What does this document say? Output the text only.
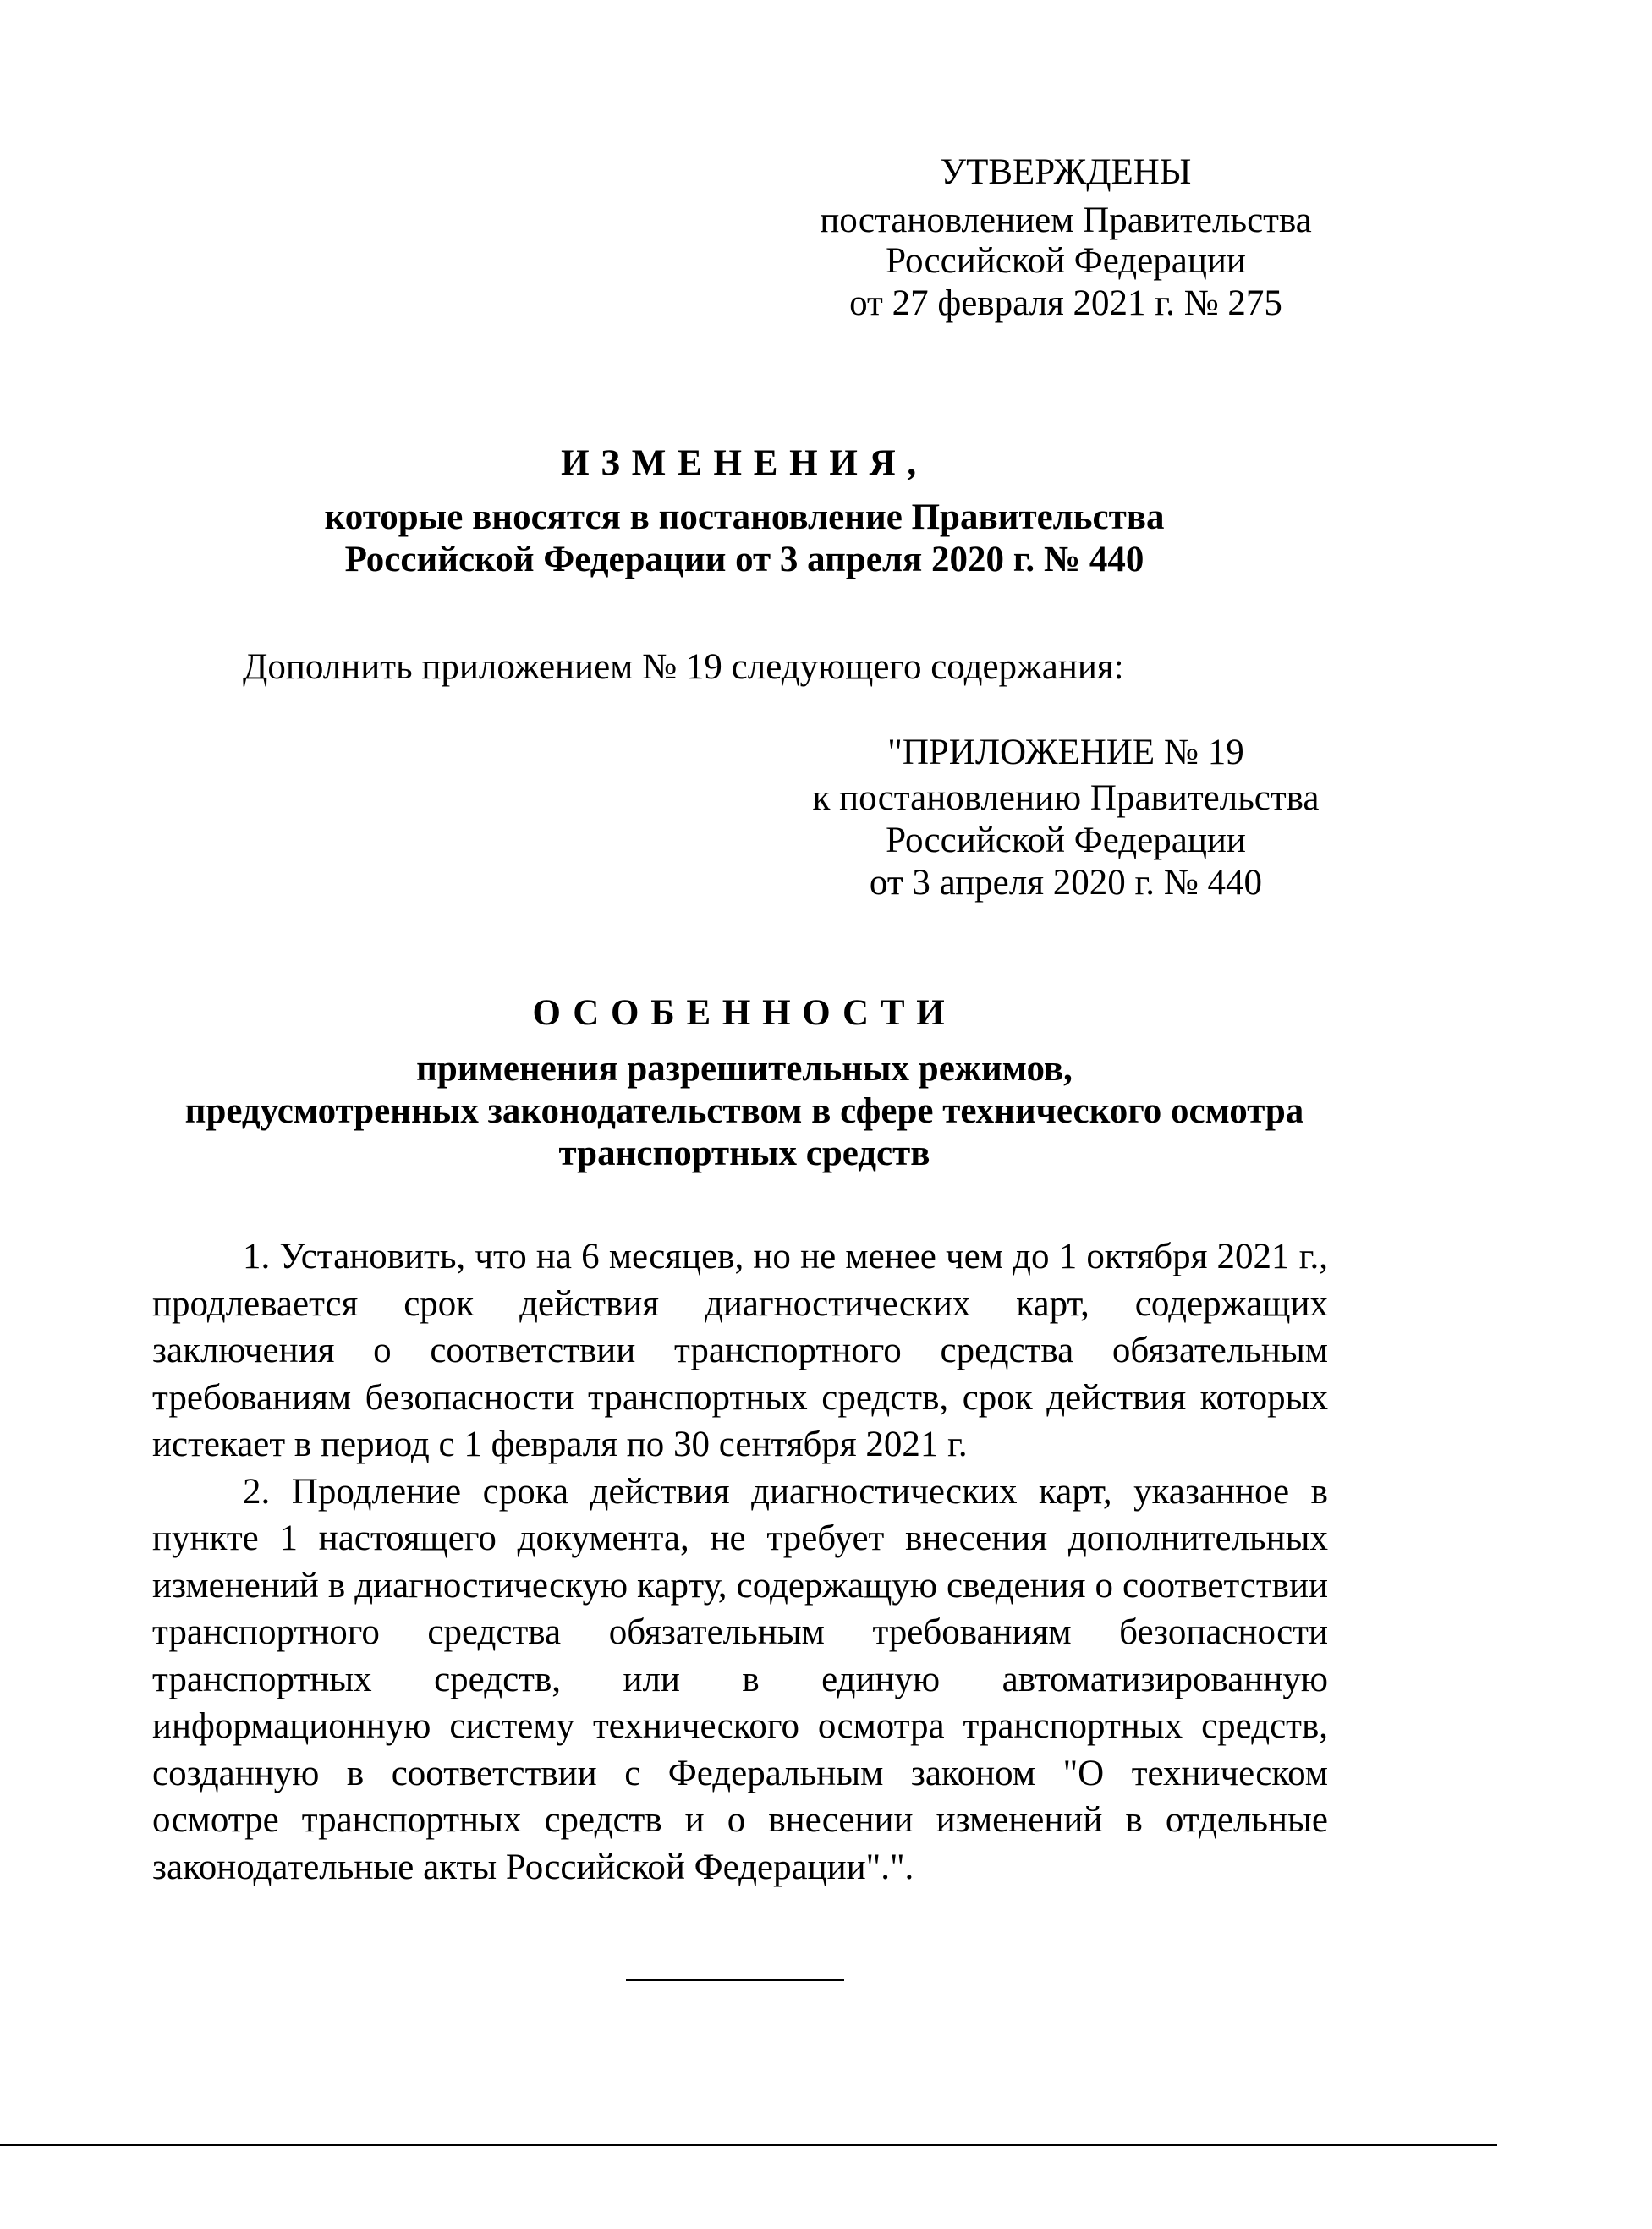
УТВЕРЖДЕНЫ
постановлением Правительства
Российской Федерации
от 27 февраля 2021 г. № 275
ИЗМЕНЕНИЯ,
которые вносятся в постановление Правительства
Российской Федерации от 3 апреля 2020 г. № 440
Дополнить приложением № 19 следующего содержания:
"ПРИЛОЖЕНИЕ № 19
к постановлению Правительства
Российской Федерации
от 3 апреля 2020 г. № 440
ОСОБЕННОСТИ
применения разрешительных режимов,
предусмотренных законодательством в сфере технического осмотра
транспортных средств

1. Установить, что на 6 месяцев, но не менее чем до 1 октября 2021 г., продлевается срок действия диагностических карт, содержащих заключения о соответствии транспортного средства обязательным требованиям безопасности транспортных средств, срок действия которых истекает в период с 1 февраля по 30 сентября 2021 г.

2. Продление срока действия диагностических карт, указанное в пункте 1 настоящего документа, не требует внесения дополнительных изменений в диагностическую карту, содержащую сведения о соответствии транспортного средства обязательным требованиям безопасности транспортных средств, или в единую автоматизированную информационную систему технического осмотра транспортных средств, созданную в соответствии с Федеральным законом "О техническом осмотре транспортных средств и о внесении изменений в отдельные законодательные акты Российской Федерации".".
